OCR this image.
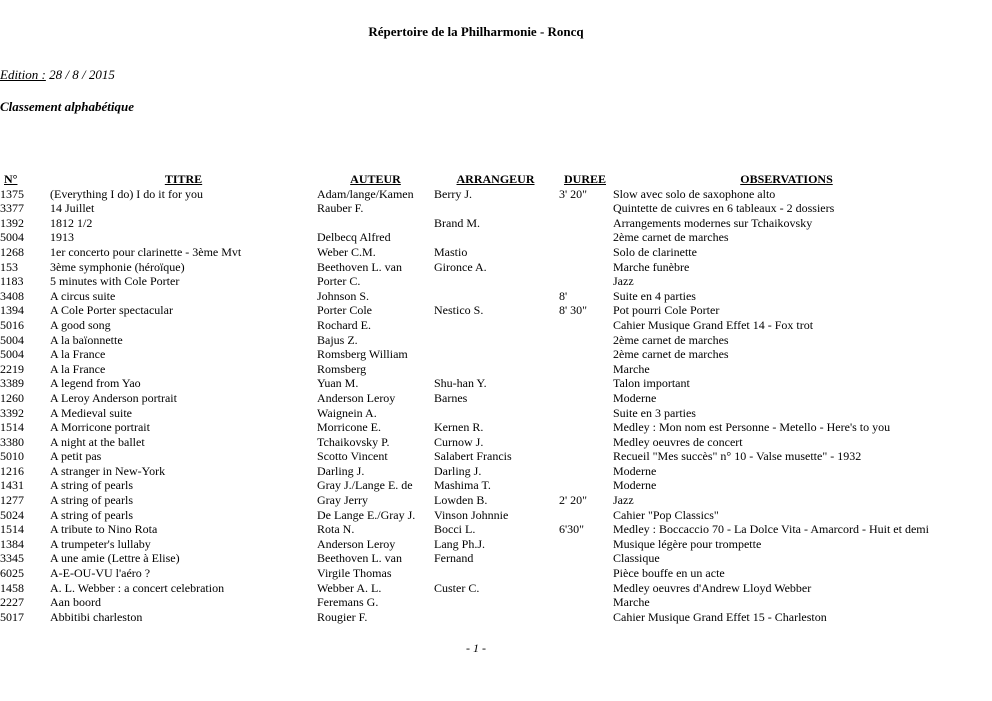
Répertoire de la Philharmonie - Roncq
Edition : 28 / 8 / 2015
Classement alphabétique
N°	TITRE	AUTEUR	ARRANGEUR	DUREE	OBSERVATIONS
1375	(Everything I do) I do it for you	Adam/lange/Kamen	Berry J.	3' 20"	Slow avec solo de saxophone alto
3377	14 Juillet	Rauber F.			Quintette de cuivres en 6 tableaux - 2 dossiers
1392	1812 1/2		Brand M.		Arrangements modernes sur Tchaikovsky
5004	1913	Delbecq Alfred			2ème carnet de marches
1268	1er concerto pour clarinette - 3ème Mvt	Weber C.M.	Mastio		Solo de clarinette
153	3ème symphonie (héroïque)	Beethoven L. van	Gironce A.		Marche funèbre
1183	5 minutes with Cole Porter	Porter C.			Jazz
3408	A circus suite	Johnson S.		8'	Suite en 4 parties
1394	A Cole Porter spectacular	Porter Cole	Nestico S.	8' 30"	Pot pourri Cole Porter
5016	A good song	Rochard E.			Cahier Musique Grand Effet 14 - Fox trot
5004	A la baïonnette	Bajus Z.			2ème carnet de marches
5004	A la France	Romsberg William			2ème carnet de marches
2219	A la France	Romsberg			Marche
3389	A legend from Yao	Yuan M.	Shu-han Y.		Talon important
1260	A Leroy Anderson portrait	Anderson Leroy	Barnes		Moderne
3392	A Medieval suite	Waignein A.			Suite en 3 parties
1514	A Morricone portrait	Morricone E.	Kernen R.		Medley : Mon nom est Personne - Metello - Here's to you
3380	A night at the ballet	Tchaikovsky P.	Curnow J.		Medley oeuvres de concert
5010	A petit pas	Scotto Vincent	Salabert Francis		Recueil "Mes succès" n° 10 - Valse musette" - 1932
1216	A stranger in New-York	Darling J.	Darling J.		Moderne
1431	A string of pearls	Gray J./Lange E. de	Mashima T.		Moderne
1277	A string of pearls	Gray Jerry	Lowden B.	2' 20"	Jazz
5024	A string of pearls	De Lange E./Gray J.	Vinson Johnnie		Cahier "Pop Classics"
1514	A tribute to Nino Rota	Rota N.	Bocci L.	6'30"	Medley : Boccaccio 70 - La Dolce Vita - Amarcord - Huit et demi
1384	A trumpeter's lullaby	Anderson Leroy	Lang Ph.J.		Musique légère pour trompette
3345	A une amie (Lettre à Elise)	Beethoven L. van	Fernand		Classique
6025	A-E-OU-VU l'aéro ?	Virgile Thomas			Pièce bouffe en un acte
1458	A. L. Webber : a concert celebration	Webber A. L.	Custer C.		Medley oeuvres d'Andrew Lloyd Webber
2227	Aan boord	Feremans G.			Marche
5017	Abbitibi charleston	Rougier F.			Cahier Musique Grand Effet 15 - Charleston
- 1 -
